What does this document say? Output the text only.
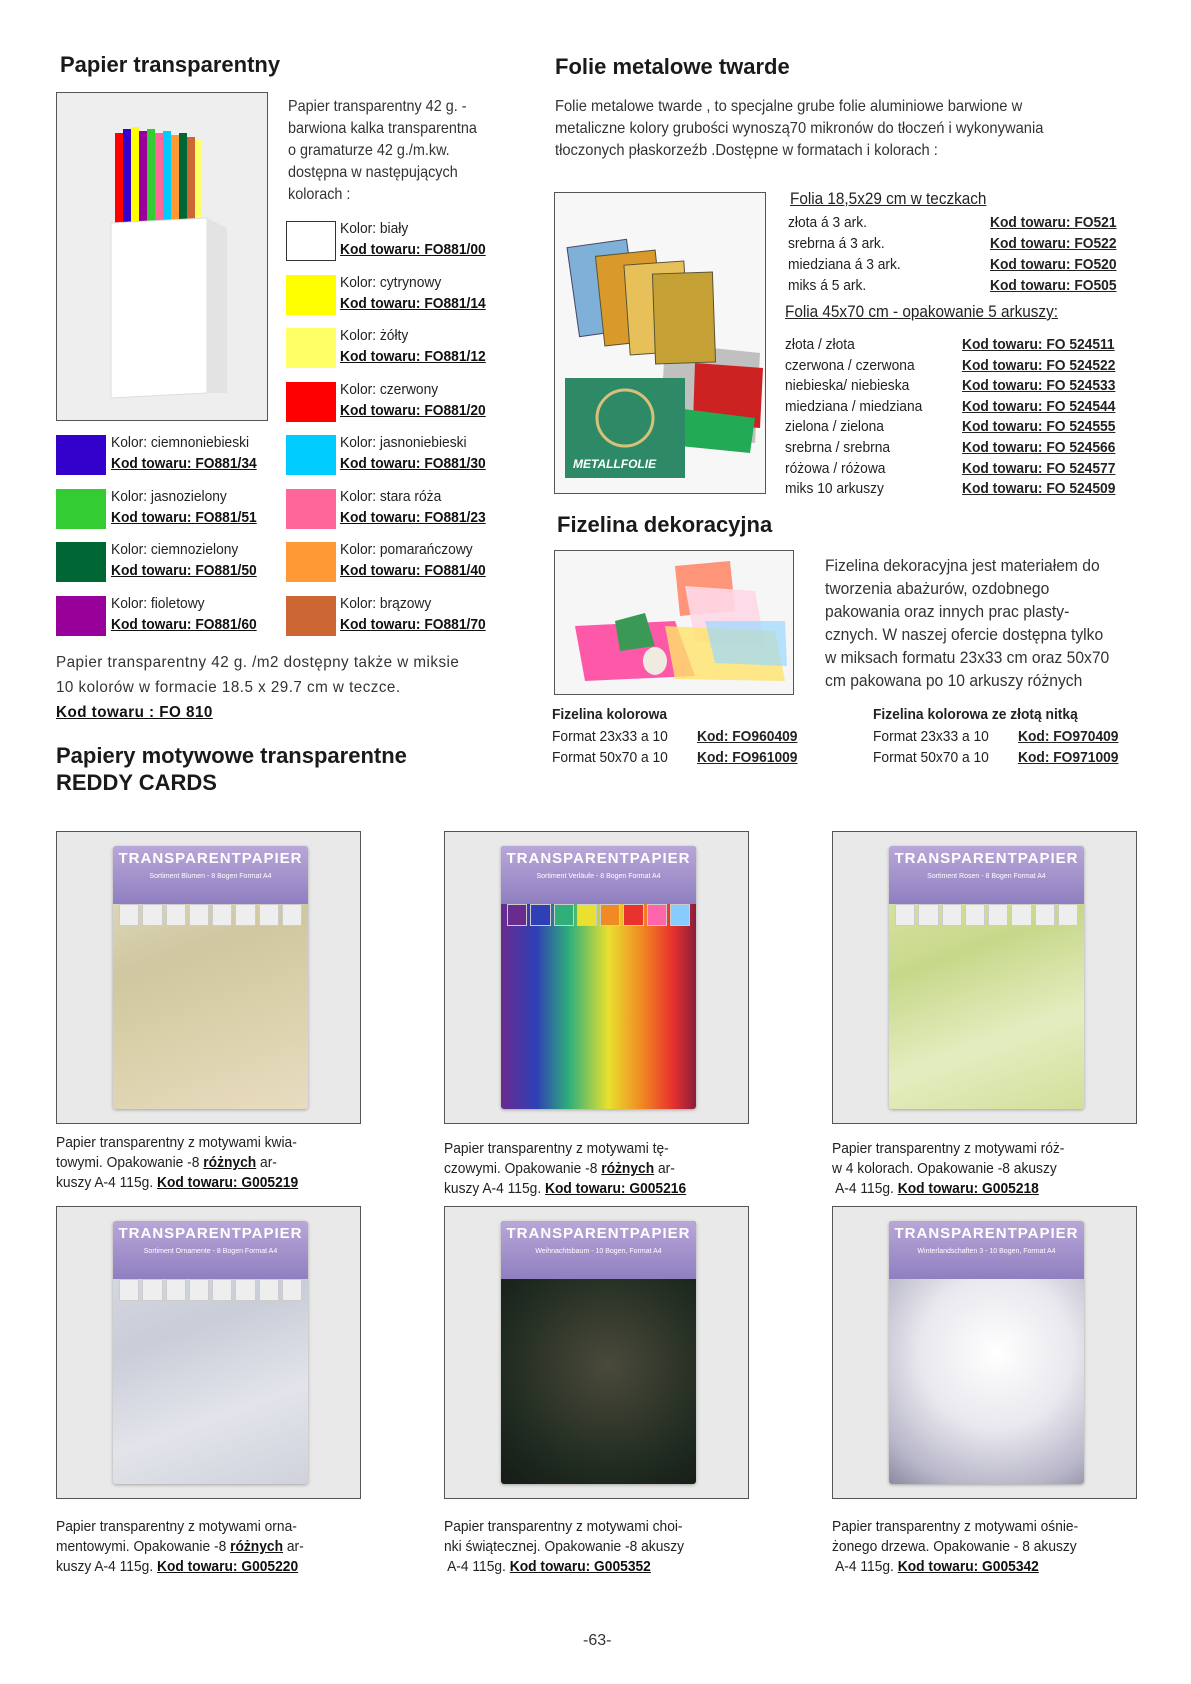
Papier transparentny
Papier transparentny 42 g. -
barwiona kalka transparentna
o gramaturze 42 g./m.kw.
dostępna w następujących
kolorach :
Kolor: biały
Kod towaru: FO881/00
Kolor: cytrynowy
Kod towaru: FO881/14
Kolor: żółty
Kod towaru: FO881/12
Kolor: czerwony
Kod towaru: FO881/20
Kolor: jasnoniebieski
Kod towaru: FO881/30
Kolor: stara róża
Kod towaru: FO881/23
Kolor: pomarańczowy
Kod towaru: FO881/40
Kolor: brązowy
Kod towaru: FO881/70
Kolor: ciemnoniebieski
Kod towaru: FO881/34
Kolor: jasnozielony
Kod towaru: FO881/51
Kolor: ciemnozielony
Kod towaru: FO881/50
Kolor: fioletowy
Kod towaru: FO881/60
Papier transparentny 42 g. /m2 dostępny także w miksie
10 kolorów w formacie 18.5 x 29.7 cm w teczce.
Kod towaru : FO 810
Papiery motywowe transparentne
REDDY CARDS
Folie metalowe twarde
Folie metalowe twarde , to specjalne grube folie aluminiowe barwione w
metaliczne kolory grubości wynoszą70 mikronów do tłoczeń i wykonywania
tłoczonych płaskorzeźb .Dostępne w formatach i kolorach :
METALLFOLIE
Folia 18,5x29 cm w teczkach
złota á 3 ark.	Kod towaru: FO521
srebrna á 3 ark.	Kod towaru: FO522
miedziana á 3 ark.	Kod towaru: FO520
miks á 5 ark.	Kod towaru: FO505
Folia 45x70 cm - opakowanie 5 arkuszy:
złota / złota	Kod towaru: FO 524511
czerwona / czerwona	Kod towaru: FO 524522
niebieska/ niebieska	Kod towaru: FO 524533
miedziana / miedziana	Kod towaru: FO 524544
zielona / zielona	Kod towaru: FO 524555
srebrna / srebrna	Kod towaru: FO 524566
różowa / różowa	Kod towaru: FO 524577
miks 10 arkuszy	Kod towaru: FO 524509
Fizelina dekoracyjna
Fizelina dekoracyjna jest materiałem do
tworzenia abażurów, ozdobnego
pakowania oraz innych prac plasty-
cznych. W naszej ofercie dostępna tylko
w miksach formatu 23x33 cm oraz 50x70
cm pakowana po 10 arkuszy różnych
Fizelina kolorowa
Format 23x33 a 10 Kod: FO960409
Format 50x70 a 10 Kod: FO961009
Fizelina kolorowa ze złotą nitką
Format 23x33 a 10 Kod: FO970409
Format 50x70 a 10 Kod: FO971009
TRANSPARENTPAPIER
Sortiment Blumen - 8 Bogen Format A4
Papier transparentny z motywami kwia-
towymi. Opakowanie -8 różnych ar-
kuszy A-4 115g. Kod towaru: G005219
TRANSPARENTPAPIER
Sortiment Verläufe - 8 Bogen Format A4
Papier transparentny z motywami tę-
czowymi. Opakowanie -8 różnych ar-
kuszy A-4 115g. Kod towaru: G005216
TRANSPARENTPAPIER
Sortiment Rosen - 8 Bogen Format A4
Papier transparentny z motywami róż-
w 4 kolorach. Opakowanie -8 akuszy
A-4 115g. Kod towaru: G005218
TRANSPARENTPAPIER
Sortiment Ornamente - 8 Bogen Format A4
Papier transparentny z motywami orna-
mentowymi. Opakowanie -8 różnych ar-
kuszy A-4 115g. Kod towaru: G005220
TRANSPARENTPAPIER
Weihnachtsbaum - 10 Bogen, Format A4
Papier transparentny z motywami choi-
nki świątecznej. Opakowanie -8 akuszy
A-4 115g. Kod towaru: G005352
TRANSPARENTPAPIER
Winterlandschaften 3 - 10 Bogen, Format A4
Papier transparentny z motywami ośnie-
żonego drzewa. Opakowanie - 8 akuszy
A-4 115g. Kod towaru: G005342
-63-
